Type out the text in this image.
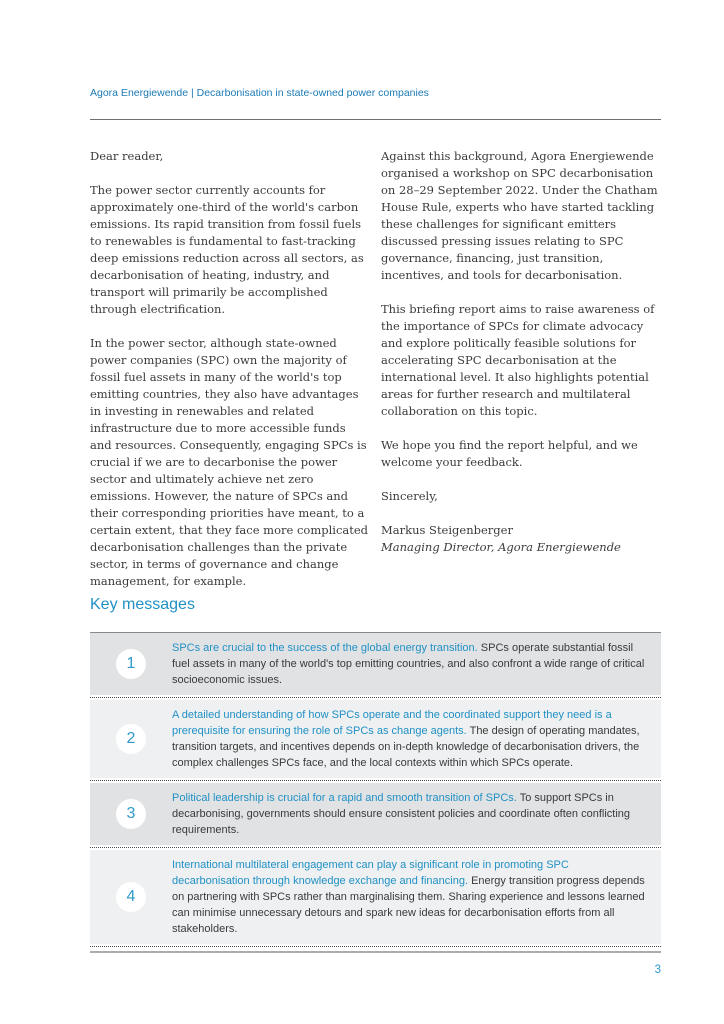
Agora Energiewende | Decarbonisation in state-owned power companies

Dear reader,

The power sector currently accounts for approximately one-third of the world's carbon emissions. Its rapid transition from fossil fuels to renewables is fundamental to fast-tracking deep emissions reduction across all sectors, as decarbonisation of heating, industry, and transport will primarily be accomplished through electrification.

In the power sector, although state-owned power companies (SPC) own the majority of fossil fuel assets in many of the world's top emitting countries, they also have advantages in investing in renewables and related infrastructure due to more accessible funds and resources. Consequently, engaging SPCs is crucial if we are to decarbonise the power sector and ultimately achieve net zero emissions. However, the nature of SPCs and their corresponding priorities have meant, to a certain extent, that they face more complicated decarbonisation challenges than the private sector, in terms of governance and change management, for example.

Against this background, Agora Energiewende organised a workshop on SPC decarbonisation on 28–29 September 2022. Under the Chatham House Rule, experts who have started tackling these challenges for significant emitters discussed pressing issues relating to SPC governance, financing, just transition, incentives, and tools for decarbonisation.

This briefing report aims to raise awareness of the importance of SPCs for climate advocacy and explore politically feasible solutions for accelerating SPC decarbonisation at the international level. It also highlights potential areas for further research and multilateral collaboration on this topic.

We hope you find the report helpful, and we welcome your feedback.

Sincerely,

Markus Steigenberger

Managing Director, Agora Energiewende

Key messages
1
SPCs are crucial to the success of the global energy transition. SPCs operate substantial fossil fuel assets in many of the world's top emitting countries, and also confront a wide range of critical socioeconomic issues.
2
A detailed understanding of how SPCs operate and the coordinated support they need is a prerequisite for ensuring the role of SPCs as change agents. The design of operating mandates, transition targets, and incentives depends on in-depth knowledge of decarbonisation drivers, the complex challenges SPCs face, and the local contexts within which SPCs operate.
3
Political leadership is crucial for a rapid and smooth transition of SPCs. To support SPCs in decarbonising, governments should ensure consistent policies and coordinate often conflicting requirements.
4
International multilateral engagement can play a significant role in promoting SPC decarbonisation through knowledge exchange and financing. Energy transition progress depends on partnering with SPCs rather than marginalising them. Sharing experience and lessons learned can minimise unnecessary detours and spark new ideas for decarbonisation efforts from all stakeholders.
3
